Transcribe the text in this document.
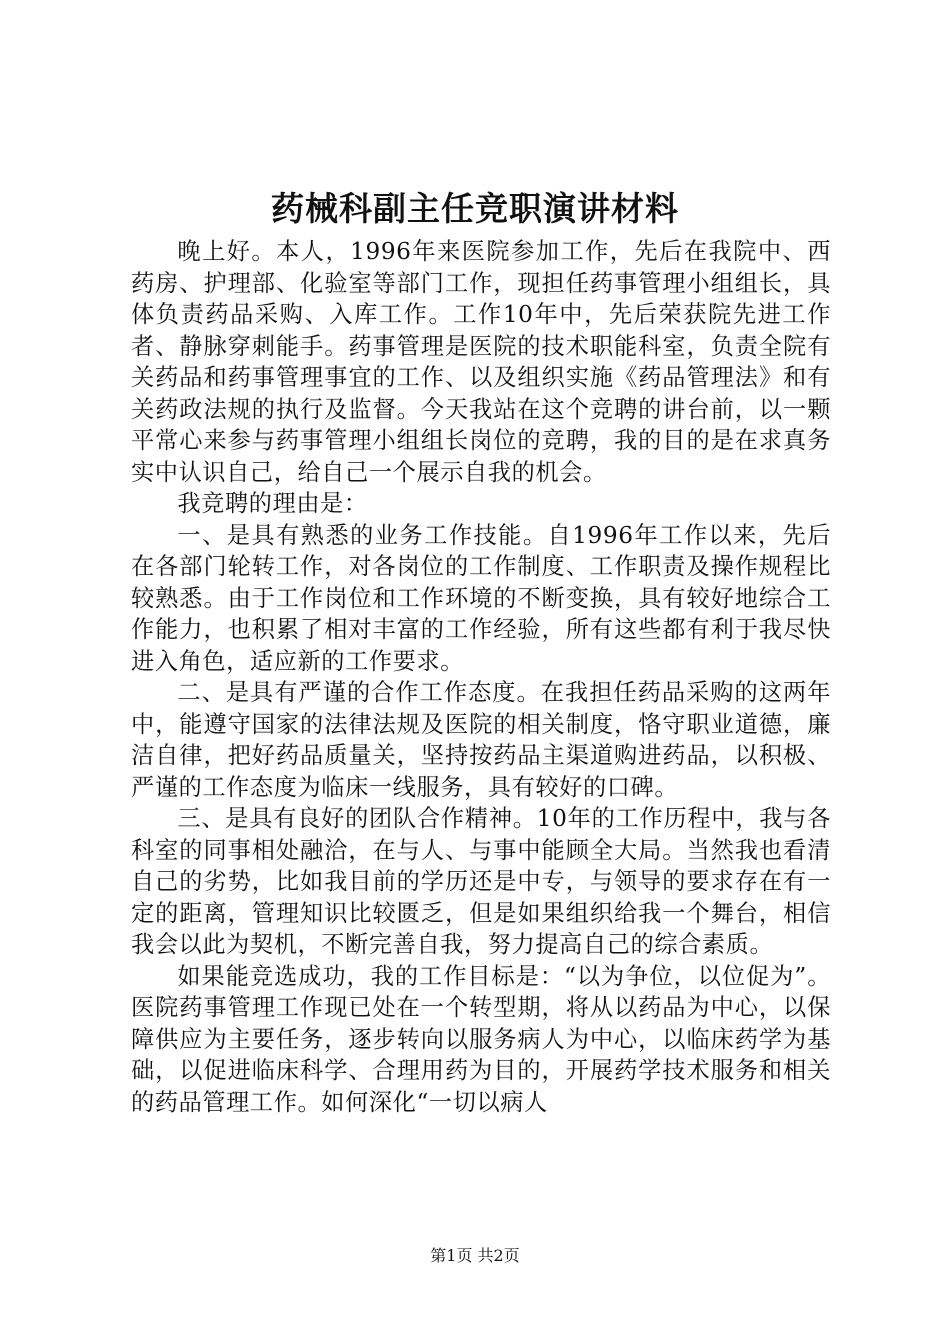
药械科副主任竞职演讲材料

晚上好。本人，1996年来医院参加工作，先后在我院中、西药房、护理部、化验室等部门工作，现担任药事管理小组组长，具体负责药品采购、入库工作。工作10年中，先后荣获院先进工作者、静脉穿刺能手。药事管理是医院的技术职能科室，负责全院有关药品和药事管理事宜的工作、以及组织实施《药品管理法》和有关药政法规的执行及监督。今天我站在这个竞聘的讲台前，以一颗平常心来参与药事管理小组组长岗位的竞聘，我的目的是在求真务实中认识自己，给自己一个展示自我的机会。

我竞聘的理由是：

一、是具有熟悉的业务工作技能。自1996年工作以来，先后在各部门轮转工作，对各岗位的工作制度、工作职责及操作规程比较熟悉。由于工作岗位和工作环境的不断变换，具有较好地综合工作能力，也积累了相对丰富的工作经验，所有这些都有利于我尽快进入角色，适应新的工作要求。

二、是具有严谨的合作工作态度。在我担任药品采购的这两年中，能遵守国家的法律法规及医院的相关制度，恪守职业道德，廉洁自律，把好药品质量关，坚持按药品主渠道购进药品，以积极、严谨的工作态度为临床一线服务，具有较好的口碑。

三、是具有良好的团队合作精神。10年的工作历程中，我与各科室的同事相处融洽，在与人、与事中能顾全大局。当然我也看清自己的劣势，比如我目前的学历还是中专，与领导的要求存在有一定的距离，管理知识比较匮乏，但是如果组织给我一个舞台，相信我会以此为契机，不断完善自我，努力提高自己的综合素质。

如果能竞选成功，我的工作目标是：“以为争位，以位促为”。医院药事管理工作现已处在一个转型期，将从以药品为中心，以保障供应为主要任务，逐步转向以服务病人为中心，以临床药学为基础，以促进临床科学、合理用药为目的，开展药学技术服务和相关的药品管理工作。如何深化“一切以病人

第1页 共2页
